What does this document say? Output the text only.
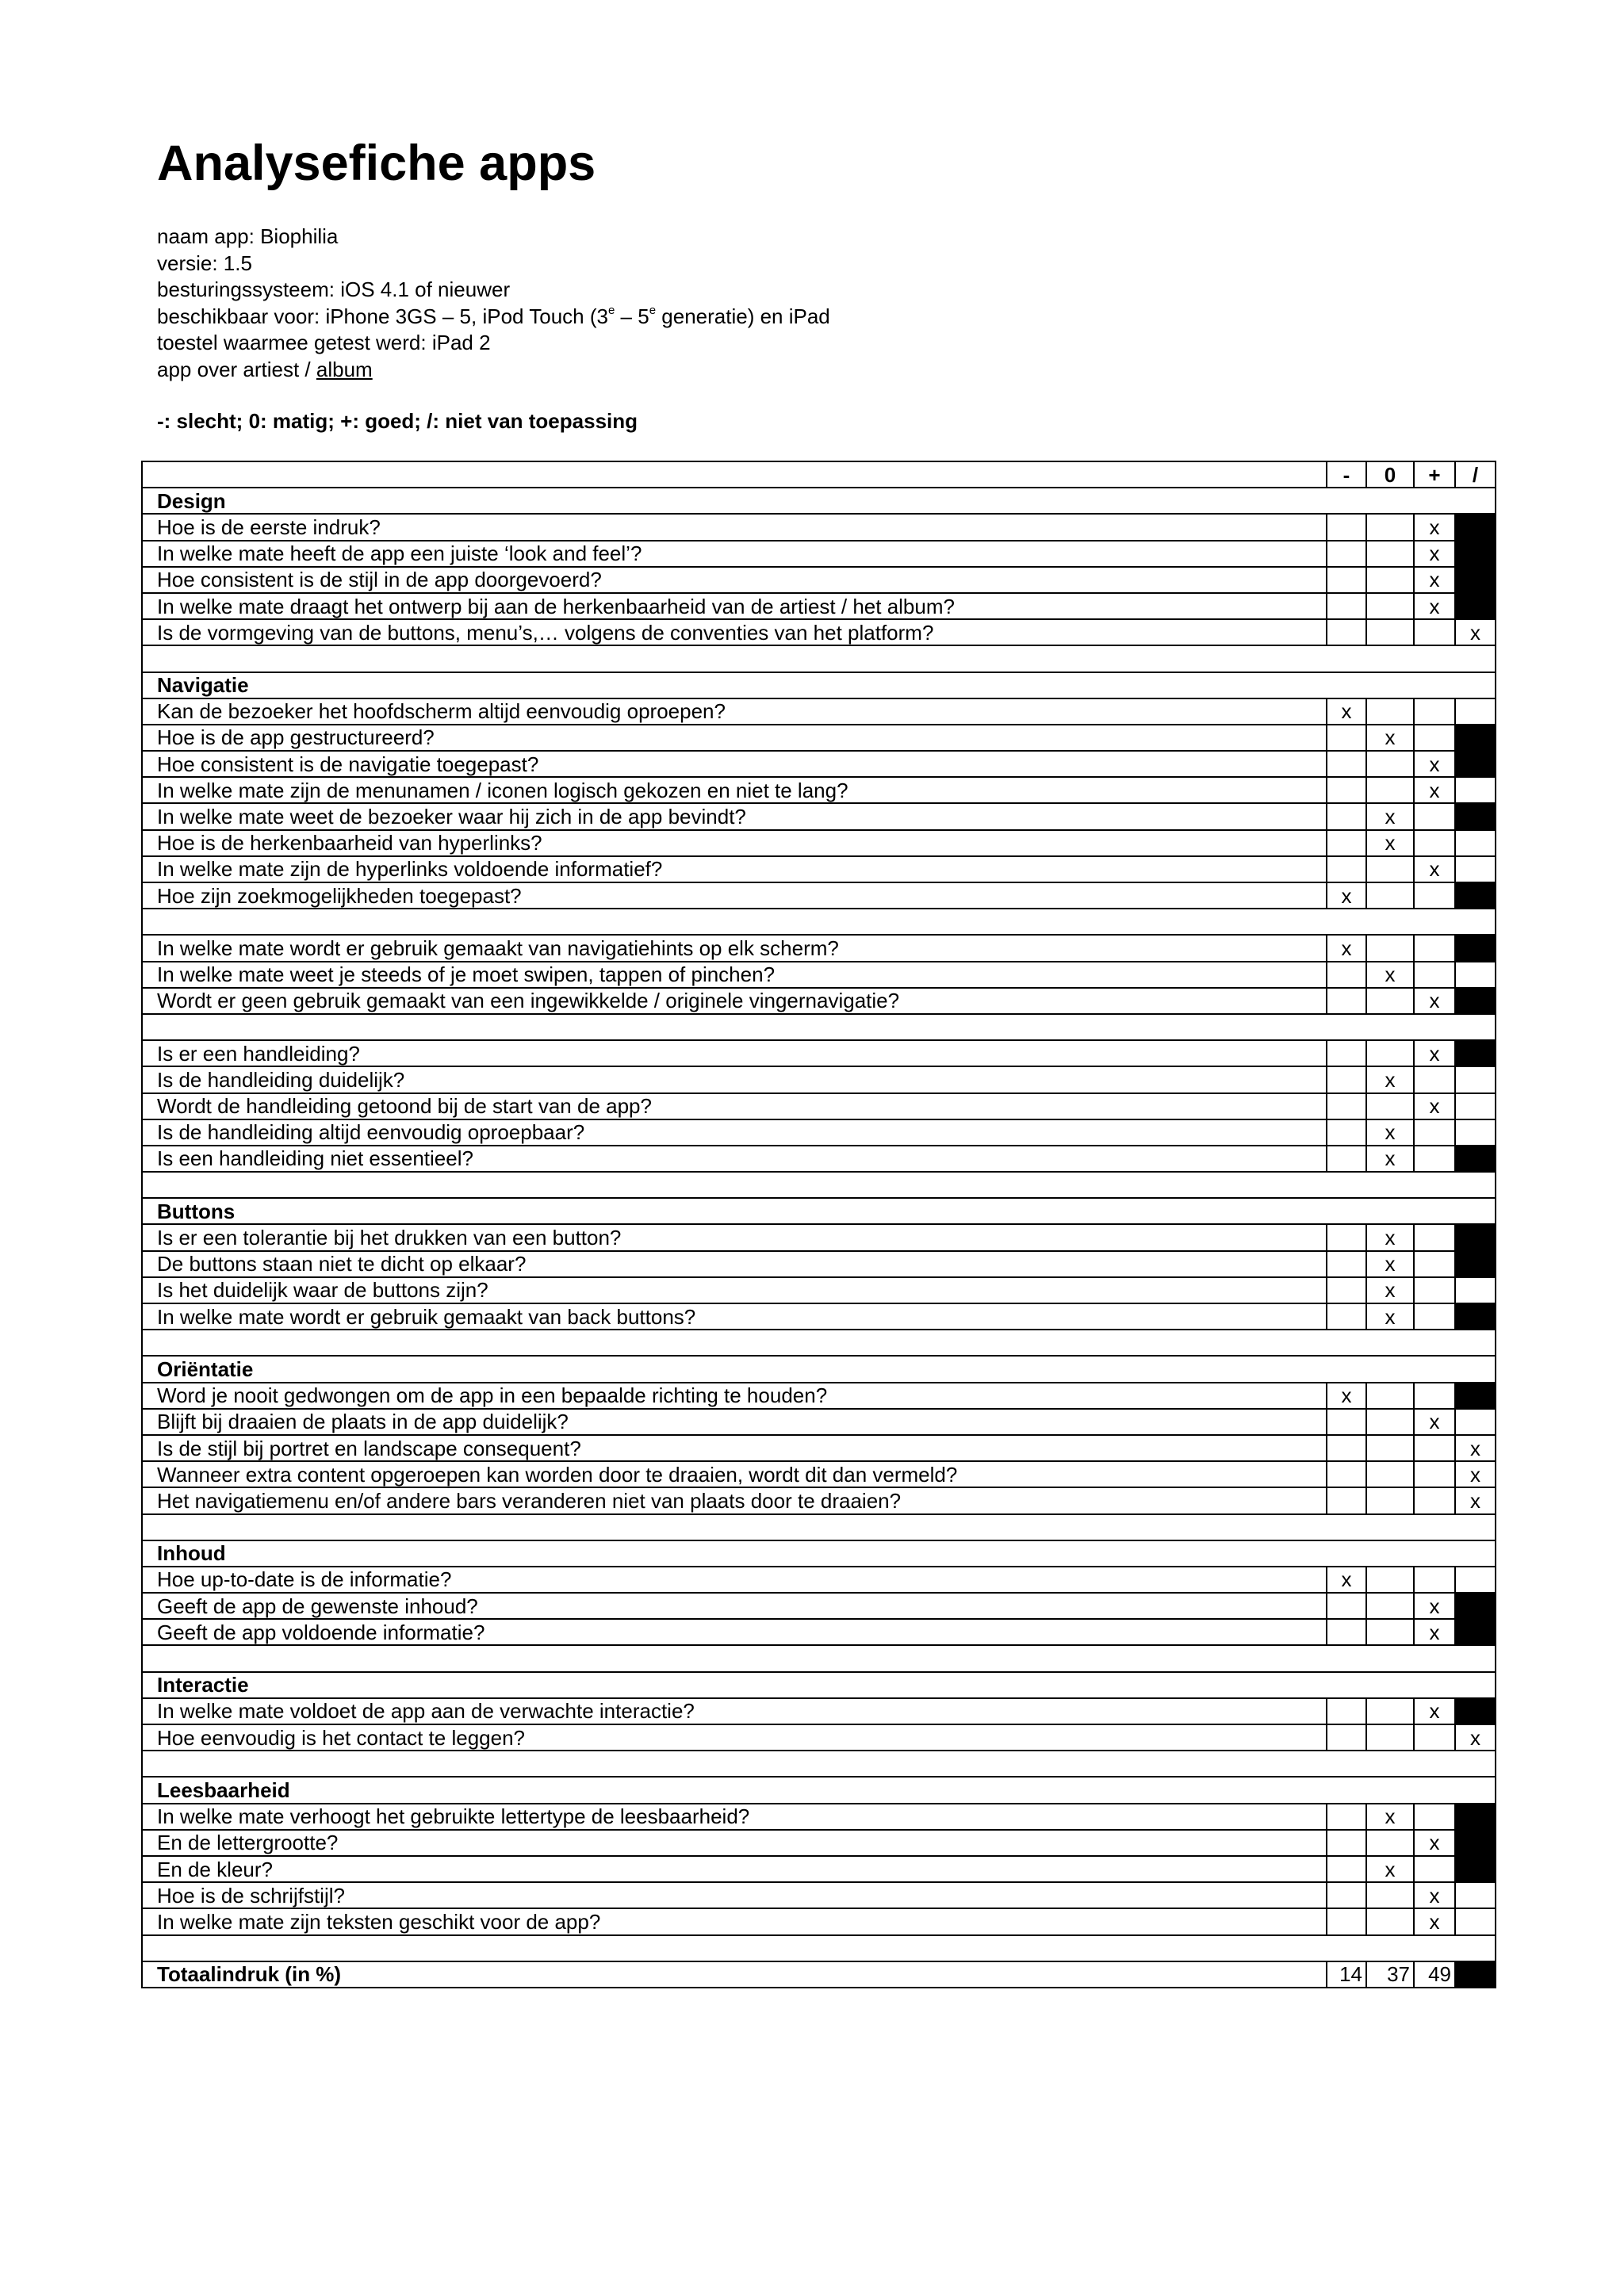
Analysefiche apps
naam app: Biophilia
versie: 1.5
besturingssysteem: iOS 4.1 of nieuwer
beschikbaar voor: iPhone 3GS – 5, iPod Touch (3e – 5e generatie) en iPad
toestel waarmee getest werd: iPad 2
app over artiest / album
-: slecht; 0: matig; +: goed; /: niet van toepassing
	-	0	+	/
Design				
Hoe is de eerste indruk?			x	
In welke mate heeft de app een juiste ‘look and feel’?			x	
Hoe consistent is de stijl in de app doorgevoerd?			x	
In welke mate draagt het ontwerp bij aan de herkenbaarheid van de artiest / het album?			x	
Is de vormgeving van de buttons, menu’s,… volgens de conventies van het platform?				x

Navigatie				
Kan de bezoeker het hoofdscherm altijd eenvoudig oproepen?	x			
Hoe is de app gestructureerd?		x		
Hoe consistent is de navigatie toegepast?			x	
In welke mate zijn de menunamen / iconen logisch gekozen en niet te lang?			x	
In welke mate weet de bezoeker waar hij zich in de app bevindt?		x		
Hoe is de herkenbaarheid van hyperlinks?		x		
In welke mate zijn de hyperlinks voldoende informatief?			x	
Hoe zijn zoekmogelijkheden toegepast?	x			

In welke mate wordt er gebruik gemaakt van navigatiehints op elk scherm?	x			
In welke mate weet je steeds of je moet swipen, tappen of pinchen?		x		
Wordt er geen gebruik gemaakt van een ingewikkelde / originele vingernavigatie?			x	

Is er een handleiding?			x	
Is de handleiding duidelijk?		x		
Wordt de handleiding getoond bij de start van de app?			x	
Is de handleiding altijd eenvoudig oproepbaar?		x		
Is een handleiding niet essentieel?		x		

Buttons				
Is er een tolerantie bij het drukken van een button?		x		
De buttons staan niet te dicht op elkaar?		x		
Is het duidelijk waar de buttons zijn?		x		
In welke mate wordt er gebruik gemaakt van back buttons?		x		

Oriëntatie				
Word je nooit gedwongen om de app in een bepaalde richting te houden?	x			
Blijft bij draaien de plaats in de app duidelijk?			x	
Is de stijl bij portret en landscape consequent?				x
Wanneer extra content opgeroepen kan worden door te draaien, wordt dit dan vermeld?				x
Het navigatiemenu en/of andere bars veranderen niet van plaats door te draaien?				x

Inhoud				
Hoe up-to-date is de informatie?	x			
Geeft de app de gewenste inhoud?			x	
Geeft de app voldoende informatie?			x	

Interactie				
In welke mate voldoet de app aan de verwachte interactie?			x	
Hoe eenvoudig is het contact te leggen?				x

Leesbaarheid				
In welke mate verhoogt het gebruikte lettertype de leesbaarheid?		x		
En de lettergrootte?			x	
En de kleur?		x		
Hoe is de schrijfstijl?			x	
In welke mate zijn teksten geschikt voor de app?			x	

Totaalindruk (in %)	14	37	49	
